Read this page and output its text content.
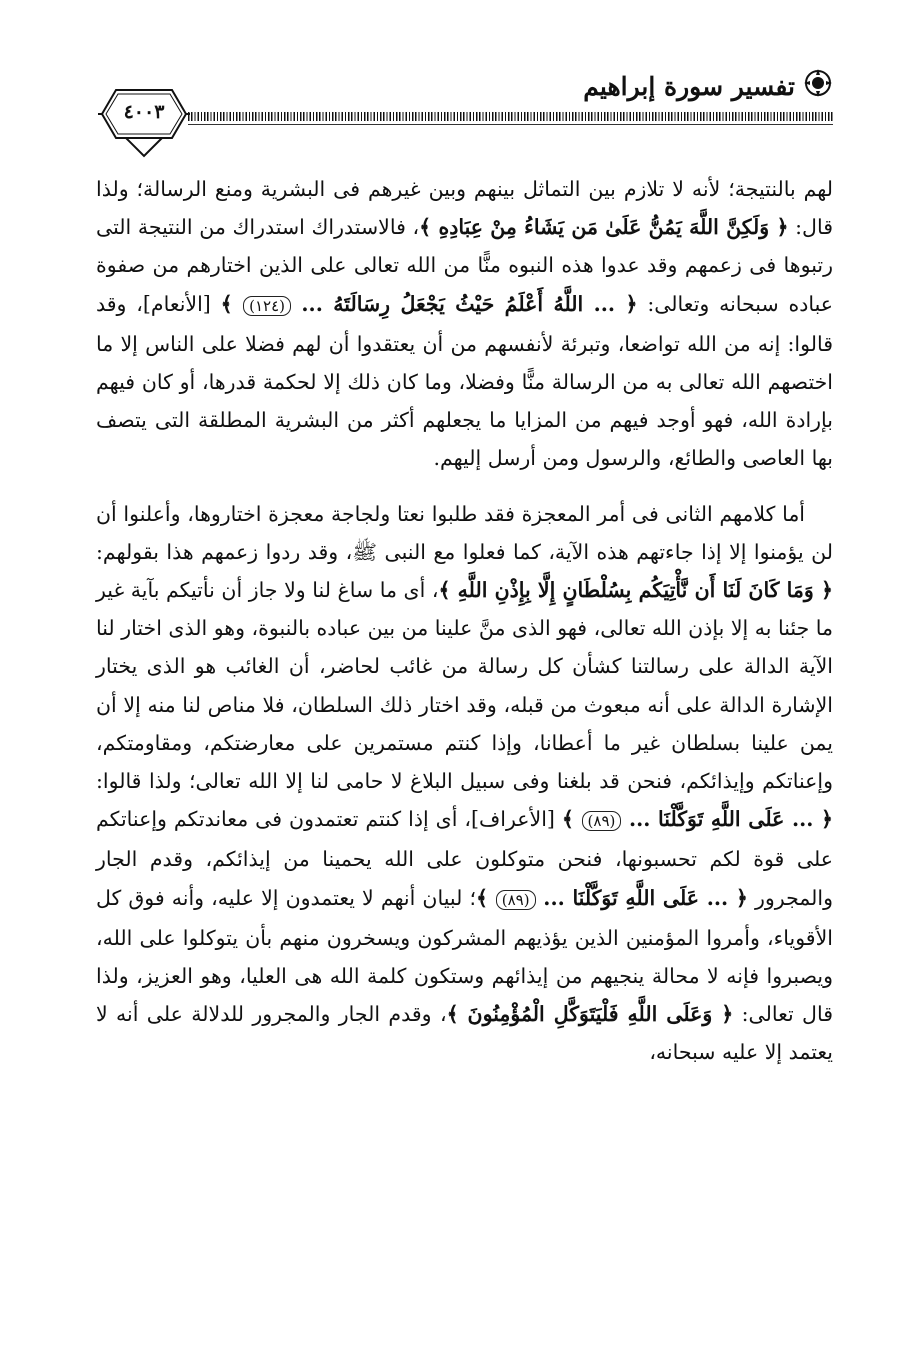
تفسير سورة إبراهيم
٤٠٠٣

لهم بالنتيجة؛ لأنه لا تلازم بين التماثل بينهم وبين غيرهم فى البشرية ومنع الرسالة؛ ولذا قال: ﴿ وَلَكِنَّ اللَّهَ يَمُنُّ عَلَىٰ مَن يَشَاءُ مِنْ عِبَادِهِ ﴾، فالاستدراك استدراك من النتيجة التى رتبوها فى زعمهم وقد عدوا هذه النبوه منًّا من الله تعالى على الذين اختارهم من صفوة عباده سبحانه وتعالى: ﴿ ... اللَّهُ أَعْلَمُ حَيْثُ يَجْعَلُ رِسَالَتَهُ ... (١٢٤) ﴾ [الأنعام]، وقد قالوا: إنه من الله تواضعا، وتبرئة لأنفسهم من أن يعتقدوا أن لهم فضلا على الناس إلا ما اختصهم الله تعالى به من الرسالة منًّا وفضلا، وما كان ذلك إلا لحكمة قدرها، أو كان فيهم بإرادة الله، فهو أوجد فيهم من المزايا ما يجعلهم أكثر من البشرية المطلقة التى يتصف بها العاصى والطائع، والرسول ومن أرسل إليهم.

أما كلامهم الثانى فى أمر المعجزة فقد طلبوا نعتا ولجاجة معجزة اختاروها، وأعلنوا أن لن يؤمنوا إلا إذا جاءتهم هذه الآية، كما فعلوا مع النبى ﷺ، وقد ردوا زعمهم هذا بقولهم: ﴿ وَمَا كَانَ لَنَا أَن نَّأْتِيَكُم بِسُلْطَانٍ إِلَّا بِإِذْنِ اللَّهِ ﴾، أى ما ساغ لنا ولا جاز أن نأتيكم بآية غير ما جئنا به إلا بإذن الله تعالى، فهو الذى منَّ علينا من بين عباده بالنبوة، وهو الذى اختار لنا الآية الدالة على رسالتنا كشأن كل رسالة من غائب لحاضر، أن الغائب هو الذى يختار الإشارة الدالة على أنه مبعوث من قبله، وقد اختار ذلك السلطان، فلا مناص لنا منه إلا أن يمن علينا بسلطان غير ما أعطانا، وإذا كنتم مستمرين على معارضتكم، ومقاومتكم، وإعناتكم وإيذائكم، فنحن قد بلغنا وفى سبيل البلاغ لا حامى لنا إلا الله تعالى؛ ولذا قالوا: ﴿ ... عَلَى اللَّهِ تَوَكَّلْنَا ... (٨٩) ﴾ [الأعراف]، أى إذا كنتم تعتمدون فى معاندتكم وإعناتكم على قوة لكم تحسبونها، فنحن متوكلون على الله يحمينا من إيذائكم، وقدم الجار والمجرور ﴿ ... عَلَى اللَّهِ تَوَكَّلْنَا ... (٨٩) ﴾؛ لبيان أنهم لا يعتمدون إلا عليه، وأنه فوق كل الأقوياء، وأمروا المؤمنين الذين يؤذيهم المشركون ويسخرون منهم بأن يتوكلوا على الله، ويصبروا فإنه لا محالة ينجيهم من إيذائهم وستكون كلمة الله هى العليا، وهو العزيز، ولذا قال تعالى: ﴿ وَعَلَى اللَّهِ فَلْيَتَوَكَّلِ الْمُؤْمِنُونَ ﴾، وقدم الجار والمجرور للدلالة على أنه لا يعتمد إلا عليه سبحانه،
